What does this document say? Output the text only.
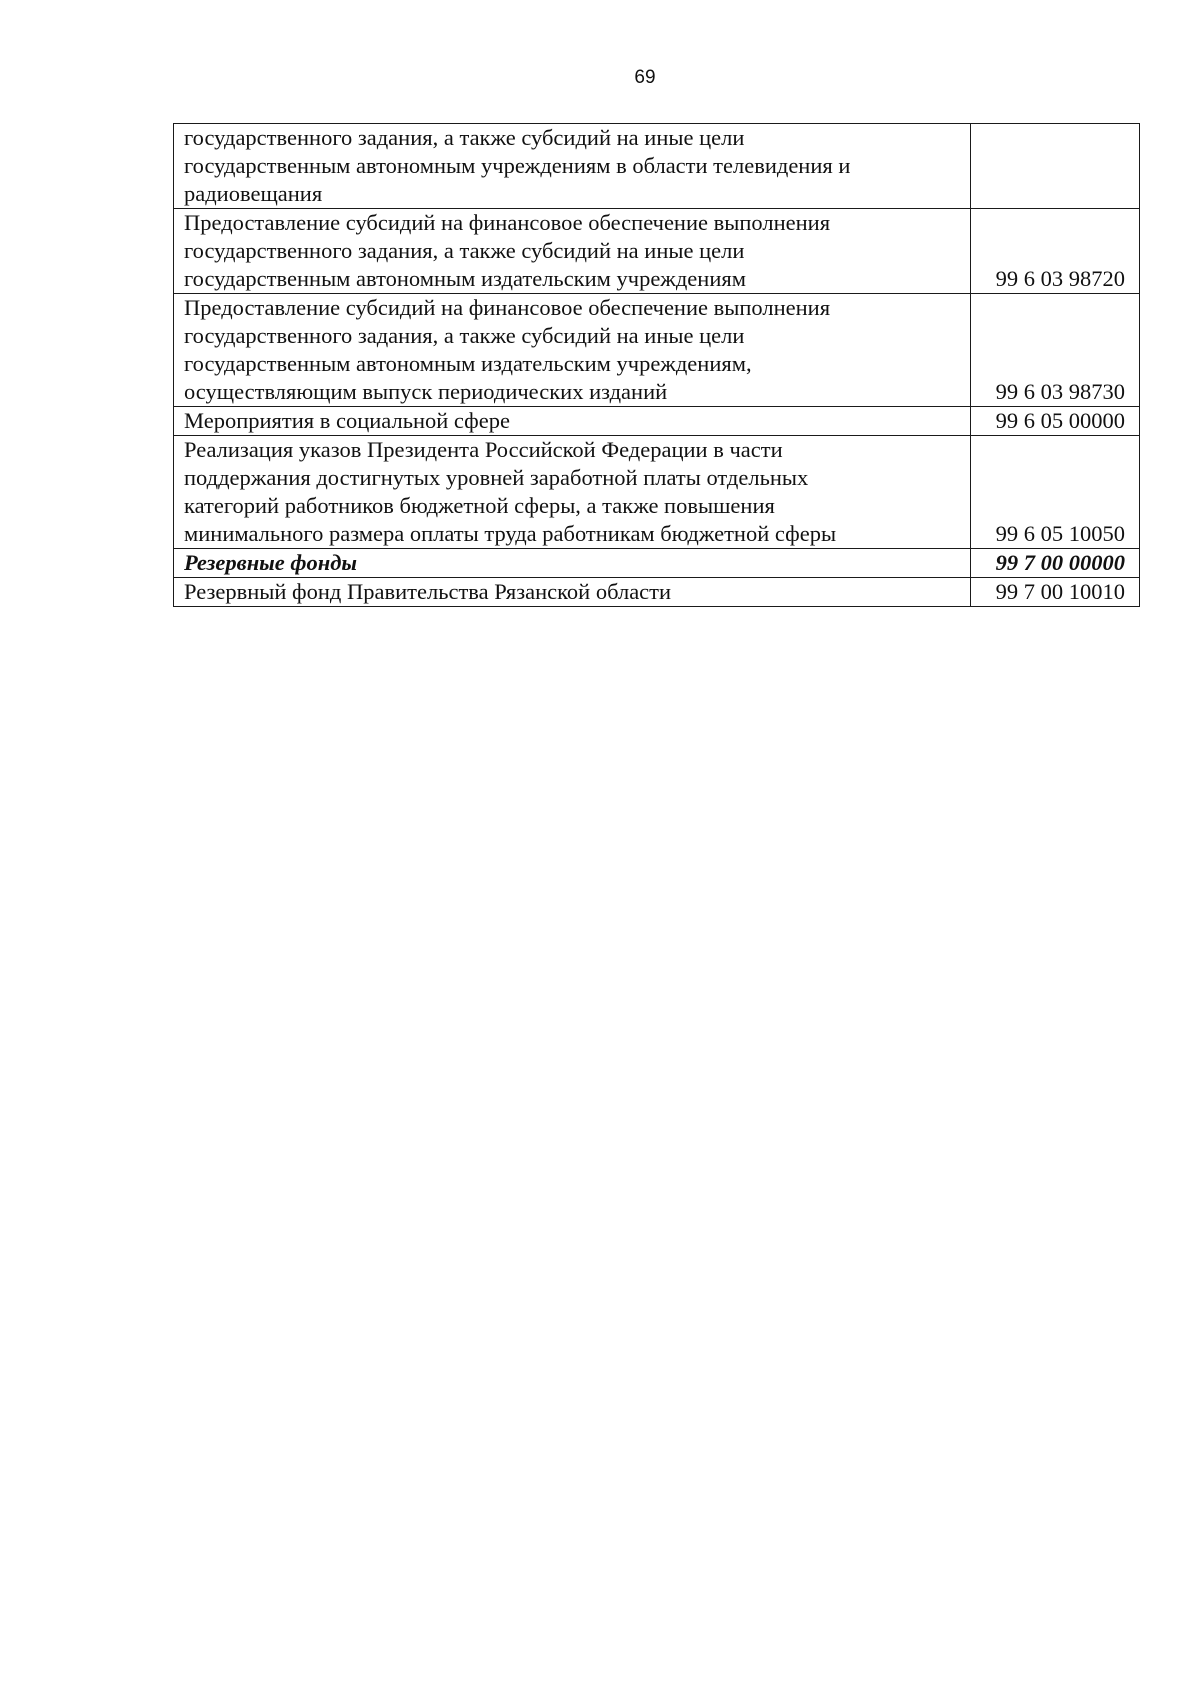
69
государственного задания, а также субсидий на иные цели
государственным автономным учреждениям в области телевидения и
радиовещания	

Предоставление субсидий на финансовое обеспечение выполнения
государственного задания, а также субсидий на иные цели
государственным автономным издательским учреждениям	99 6 03 98720

Предоставление субсидий на финансовое обеспечение выполнения
государственного задания, а также субсидий на иные цели
государственным автономным издательским учреждениям,
осуществляющим выпуск периодических изданий	99 6 03 98730

Мероприятия в социальной сфере	99 6 05 00000

Реализация указов Президента Российской Федерации в части
поддержания достигнутых уровней заработной платы отдельных
категорий работников бюджетной сферы, а также повышения
минимального размера оплаты труда работникам бюджетной сферы	99 6 05 10050

Резервные фонды	99 7 00 00000

Резервный фонд Правительства Рязанской области	99 7 00 10010
